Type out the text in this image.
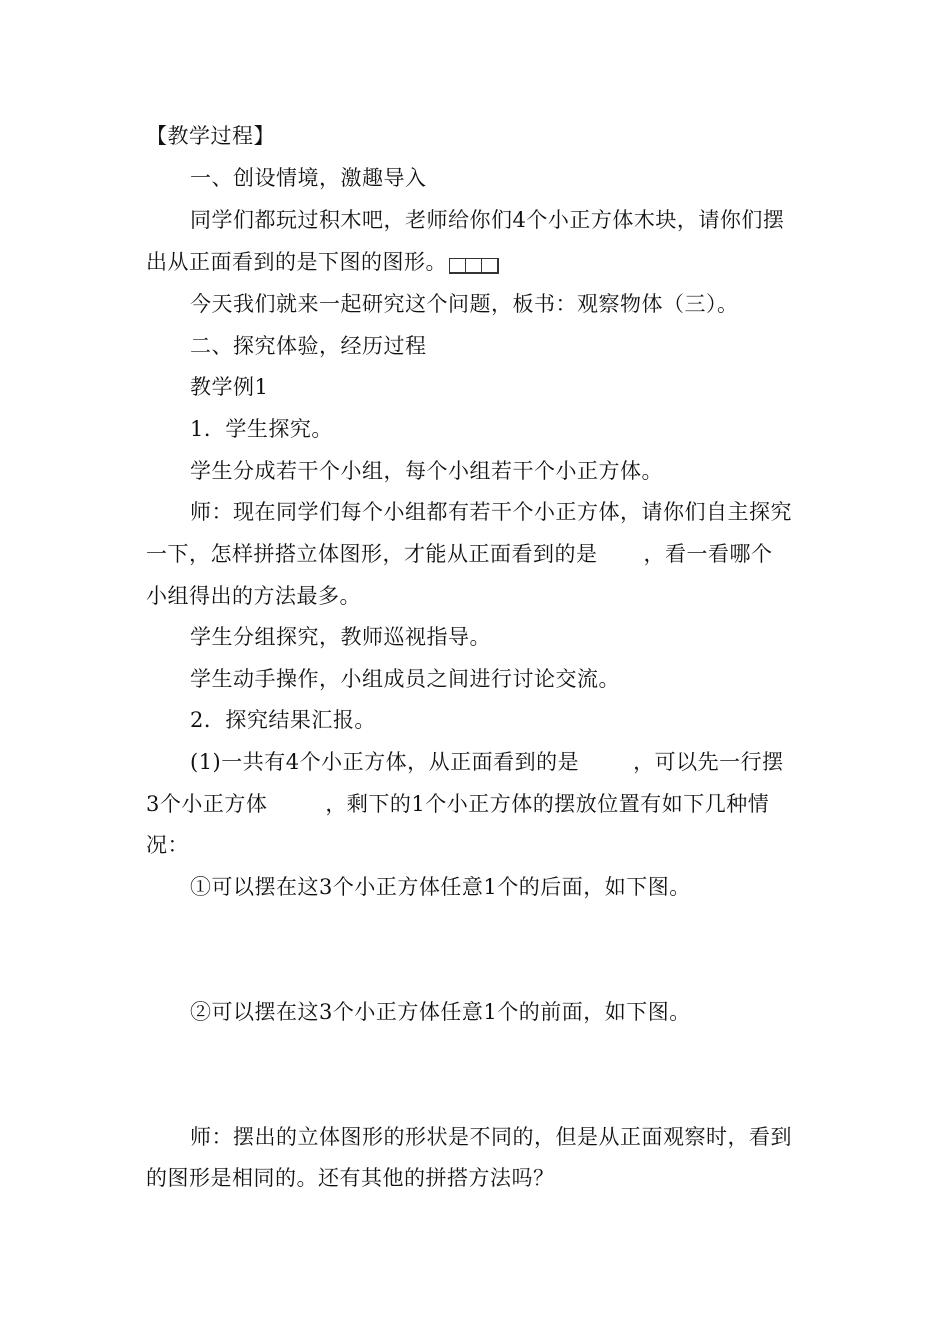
【教学过程】
一、创设情境，激趣导入
同学们都玩过积木吧，老师给你们4个小正方体木块，请你们摆
出从正面看到的是下图的图形。
今天我们就来一起研究这个问题，板书：观察物体（三）。
二、探究体验，经历过程
教学例1
1．学生探究。
学生分成若干个小组，每个小组若干个小正方体。
师：现在同学们每个小组都有若干个小正方体，请你们自主探究
一下，怎样拼搭立体图形，才能从正面看到的是 ，看一看哪个
小组得出的方法最多。
学生分组探究，教师巡视指导。
学生动手操作，小组成员之间进行讨论交流。
2．探究结果汇报。
(1)一共有4个小正方体，从正面看到的是	，可以先一行摆
3个小正方体	，剩下的1个小正方体的摆放位置有如下几种情
况：
①可以摆在这3个小正方体任意1个的后面，如下图。
②可以摆在这3个小正方体任意1个的前面，如下图。
师：摆出的立体图形的形状是不同的，但是从正面观察时，看到
的图形是相同的。还有其他的拼搭方法吗？
